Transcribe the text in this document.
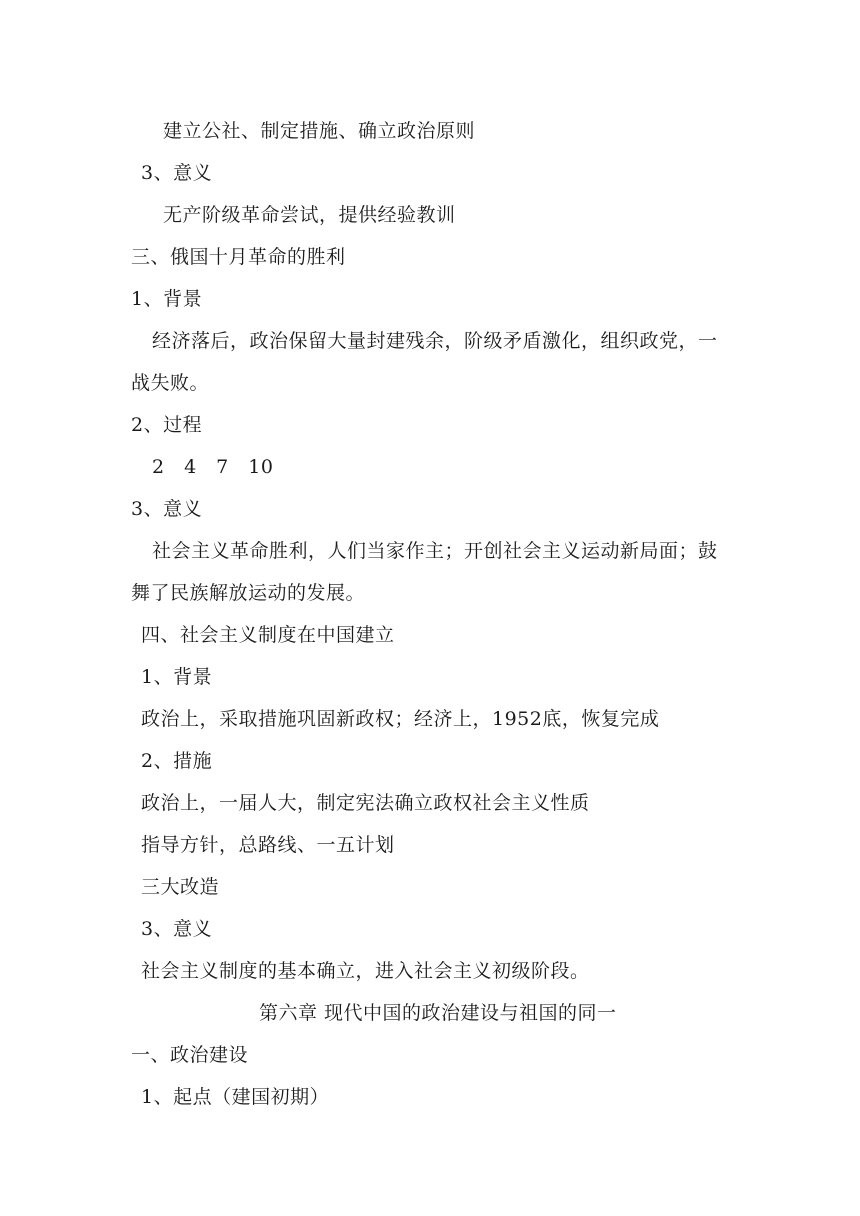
建立公社、制定措施、确立政治原则
3、意义
无产阶级革命尝试，提供经验教训
三、俄国十月革命的胜利
1、背景
经济落后，政治保留大量封建残余，阶级矛盾激化，组织政党，一
战失败。
2、过程
2　4　7　10
3、意义
社会主义革命胜利，人们当家作主；开创社会主义运动新局面；鼓
舞了民族解放运动的发展。
四、社会主义制度在中国建立
1、背景
政治上，采取措施巩固新政权；经济上，1952底，恢复完成
2、措施
政治上，一届人大，制定宪法确立政权社会主义性质
指导方针，总路线、一五计划
三大改造
3、意义
社会主义制度的基本确立，进入社会主义初级阶段。
第六章 现代中国的政治建设与祖国的同一
一、政治建设
1、起点（建国初期）
